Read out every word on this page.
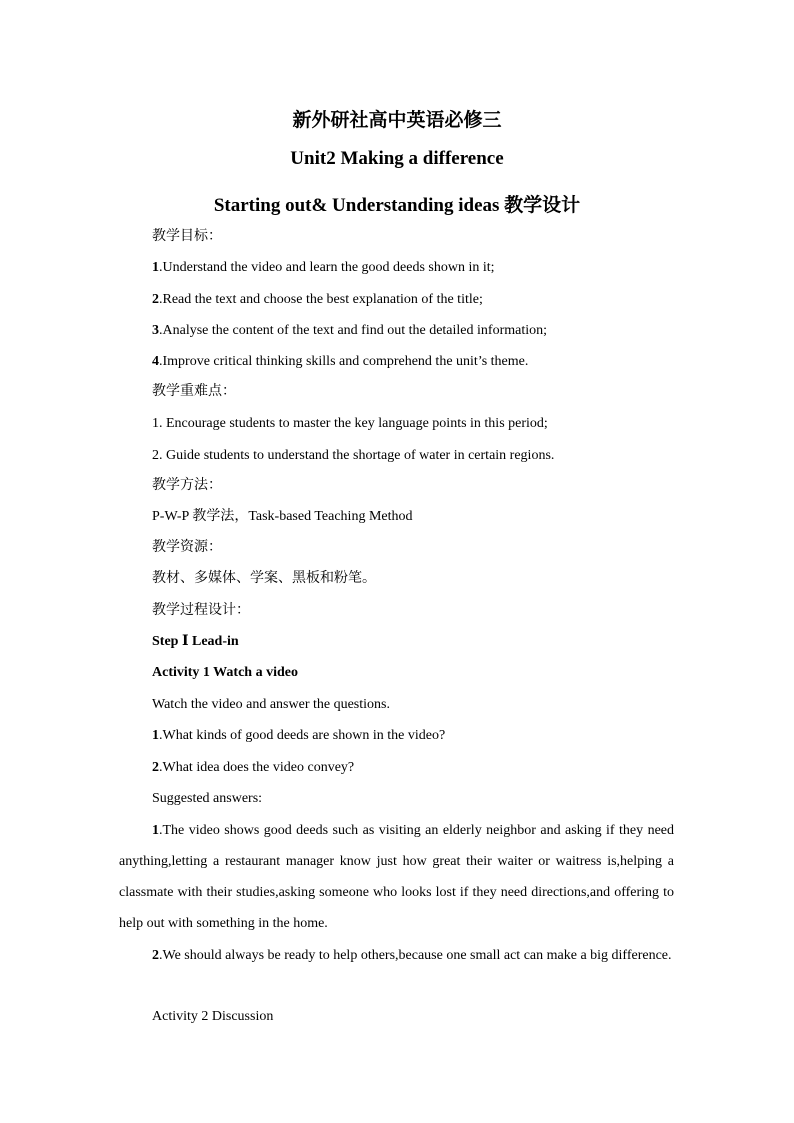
新外研社高中英语必修三
Unit2 Making a difference
Starting out& Understanding ideas 教学设计
教学目标：
1.Understand the video and learn the good deeds shown in it;
2.Read the text and choose the best explanation of the title;
3.Analyse the content of the text and find out the detailed information;
4.Improve critical thinking skills and comprehend the unit’s theme.
教学重难点：
1. Encourage students to master the key language points in this period;
2. Guide students to understand the shortage of water in certain regions.
教学方法：
P-W-P 教学法，Task-based Teaching Method
教学资源：
教材、多媒体、学案、黑板和粉笔。
教学过程设计：
Step Ⅰ Lead-in
Activity 1 Watch a video
Watch the video and answer the questions.
1.What kinds of good deeds are shown in the video?
2.What idea does the video convey?
Suggested answers:
1.The video shows good deeds such as visiting an elderly neighbor and asking if they need anything,letting a restaurant manager know just how great their waiter or waitress is,helping a classmate with their studies,asking someone who looks lost if they need directions,and offering to help out with something in the home.
2.We should always be ready to help others,because one small act can make a big difference.
Activity 2 Discussion
